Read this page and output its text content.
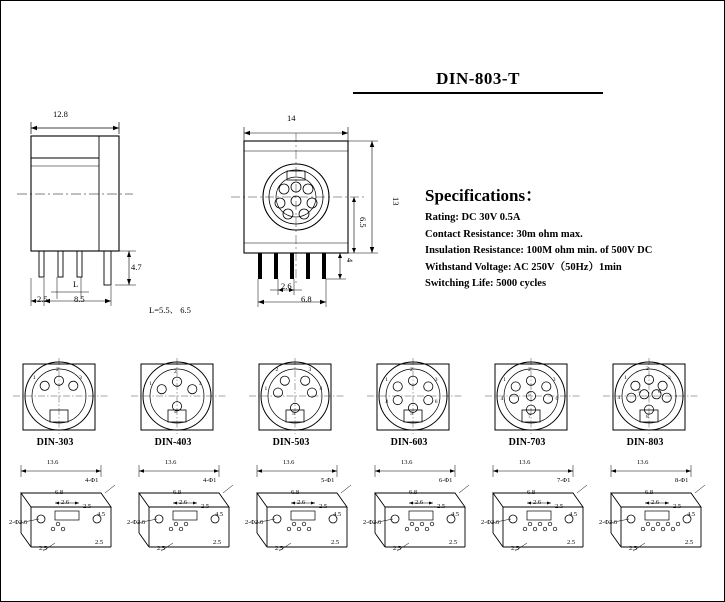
DIN-803-T
Specifications：
Rating: DC 30V 0.5A
Contact Resistance: 30m ohm max.
Insulation Resistance: 100M ohm min. of 500V DC
Withstand Voltage: AC 250V（50Hz）1min
Switching Life: 5000 cycles
12.8
4.7
2.5	8.5
L
L=5.5、 6.5
14
13
6.5
4
2.6
6.8
1
2
3
1
2
3
4
1
2	3
4
5
1
2
3
4
5
6
1
2
3
4
5
6
7
1
2
3
4
5	6
7
8
DIN-303	DIN-403	DIN-503	DIN-603	DIN-703	DIN-803
13.6
4-Φ1
6.8
2.6
2-Φ2.6
4.5
2.5
2.5
2.5
13.6
4-Φ1
6.8
2.6
2-Φ2.6
4.5
2.5
2.5
2.5
13.6
5-Φ1
6.8
2.6
2-Φ2.6
4.5
2.5
2.5
2.5
13.6
6-Φ1
6.8
2.6
2-Φ2.6
4.5
2.5
2.5
2.5
13.6
7-Φ1
6.8
2.6
2-Φ2.6
4.5
2.5
2.5
2.5
13.6
8-Φ1
6.8
2.6
2-Φ2.6
4.5
2.5
2.5
2.5
